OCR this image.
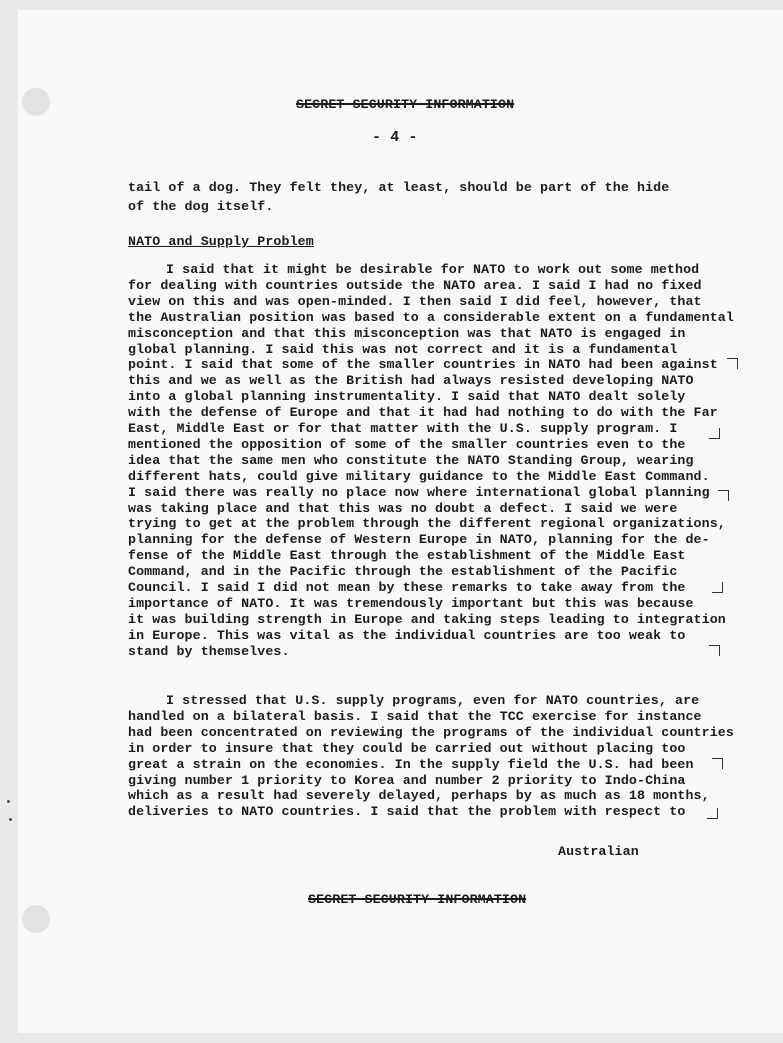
SECRET SECURITY INFORMATION
- 4 -
tail of a dog. They felt they, at least, should be part of the hide
of the dog itself.
NATO and Supply Problem
I said that it might be desirable for NATO to work out some method
for dealing with countries outside the NATO area. I said I had no fixed
view on this and was open-minded. I then said I did feel, however, that
the Australian position was based to a considerable extent on a fundamental
misconception and that this misconception was that NATO is engaged in
global planning. I said this was not correct and it is a fundamental
point. I said that some of the smaller countries in NATO had been against
this and we as well as the British had always resisted developing NATO
into a global planning instrumentality. I said that NATO dealt solely
with the defense of Europe and that it had had nothing to do with the Far
East, Middle East or for that matter with the U.S. supply program. I
mentioned the opposition of some of the smaller countries even to the
idea that the same men who constitute the NATO Standing Group, wearing
different hats, could give military guidance to the Middle East Command.
I said there was really no place now where international global planning
was taking place and that this was no doubt a defect. I said we were
trying to get at the problem through the different regional organizations,
planning for the defense of Western Europe in NATO, planning for the de-
fense of the Middle East through the establishment of the Middle East
Command, and in the Pacific through the establishment of the Pacific
Council. I said I did not mean by these remarks to take away from the
importance of NATO. It was tremendously important but this was because
it was building strength in Europe and taking steps leading to integration
in Europe. This was vital as the individual countries are too weak to
stand by themselves.
I stressed that U.S. supply programs, even for NATO countries, are
handled on a bilateral basis. I said that the TCC exercise for instance
had been concentrated on reviewing the programs of the individual countries
in order to insure that they could be carried out without placing too
great a strain on the economies. In the supply field the U.S. had been
giving number 1 priority to Korea and number 2 priority to Indo-China
which as a result had severely delayed, perhaps by as much as 18 months,
deliveries to NATO countries. I said that the problem with respect to
Australian
SECRET SECURITY INFORMATION
